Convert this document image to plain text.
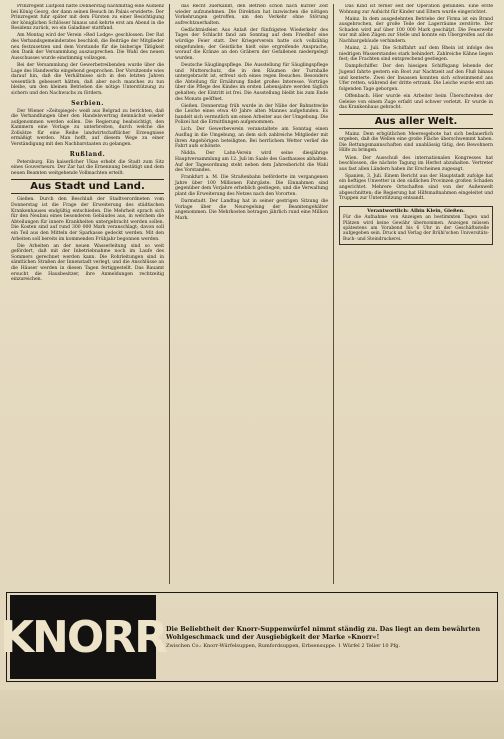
Prinzregent Luitpold hatte Donnerstag nachmittag eine Audienz bei König Georg, der dann seinen Besuch im Palais erwiderte. Der Prinzregent fuhr später mit dem Fürsten zu einer Besichtigung der königlichen Schlösser hinaus und kehrte erst am Abend in die Residenz zurück, wo ein Galadiner stattfand.

Am Montag wird der Verein »Red Lodge« geschlossen. Der Rat des Verbandsgemeinderates beschloß, die Beiträge der Mitglieder neu festzusetzen und dem Vorstande für die bisherige Tätigkeit den Dank der Versammlung auszusprechen. Die Wahl des neuen Ausschusses wurde einstimmig vollzogen.

Bei der Versammlung der Gewerbetreibenden wurde über die Lage des Handwerks eingehend gesprochen. Der Vorsitzende wies darauf hin, daß die Verhältnisse sich in den letzten Jahren wesentlich gebessert hätten, daß aber noch manches zu tun bleibe, um den kleinen Betrieben die nötige Unterstützung zu sichern und den Nachwuchs zu fördern.

Serbien.

Der Wiener »Zeitspiegel« weiß aus Belgrad zu berichten, daß die Verhandlungen über den Handelsvertrag demnächst wieder aufgenommen werden sollen. Die Regierung beabsichtigt, den Kammern eine Vorlage zu unterbreiten, durch welche die Zollsätze für eine Reihe landwirtschaftlicher Erzeugnisse ermäßigt werden. Man hofft, auf diesem Wege zu einer Verständigung mit den Nachbarstaaten zu gelangen.

Rußland.

Petersburg. Ein kaiserlicher Ukas erhebt die Stadt zum Sitz eines Gouverneurs. Der Zar hat die Ernennung bestätigt und dem neuen Beamten weitgehende Vollmachten erteilt.

Aus Stadt und Land.

Gießen. Durch den Beschluß der Stadtverordneten vom Donnerstag ist die Frage der Erweiterung des städtischen Krankenhauses endgültig entschieden. Die Mehrheit sprach sich für den Neubau eines besonderen Gebäudes aus, in welchem die Abteilungen für innere Krankheiten untergebracht werden sollen. Die Kosten sind auf rund 300 000 Mark veranschlagt; davon soll ein Teil aus den Mitteln der Sparkasse gedeckt werden. Mit den Arbeiten soll bereits im kommenden Frühjahr begonnen werden.

Die Arbeiten an der neuen Wasserleitung sind so weit gefördert, daß mit der Inbetriebnahme noch im Laufe des Sommers gerechnet werden kann. Die Rohrleitungen sind in sämtlichen Straßen der Innenstadt verlegt, und die Anschlüsse an die Häuser werden in diesen Tagen fertiggestellt. Das Bauamt ersucht die Hausbesitzer, ihre Anmeldungen rechtzeitig einzureichen.

das Recht zuerkannt, den Betrieb schon nach kurzer Zeit wieder aufzunehmen. Die Direktion hat inzwischen die nötigen Vorkehrungen getroffen, um den Verkehr ohne Störung aufrechtzuerhalten.

Gedächtnisfeier. Aus Anlaß der fünfzigsten Wiederkehr des Tages der Schlacht fand am Sonntag auf dem Friedhof eine würdige Feier statt. Der Kriegerverein hatte sich vollzählig eingefunden; der Geistliche hielt eine ergreifende Ansprache, worauf die Kränze an den Gräbern der Gefallenen niedergelegt wurden.

Deutsche Säuglingspflege. Die Ausstellung für Säuglingspflege und Mutterschutz, die in den Räumen der Turnhalle untergebracht ist, erfreut sich eines regen Besuches. Besonders die Abteilung für Ernährung findet großes Interesse. Vorträge über die Pflege des Kindes im ersten Lebensjahre werden täglich gehalten; der Eintritt ist frei. Die Ausstellung bleibt bis zum Ende des Monats geöffnet.

Gießen. Donnerstag früh wurde in der Nähe der Bahnstrecke die Leiche eines etwa 40 Jahre alten Mannes aufgefunden. Es handelt sich vermutlich um einen Arbeiter aus der Umgebung. Die Polizei hat die Ermittlungen aufgenommen.

Lich. Der Gewerbeverein veranstaltete am Sonntag einen Ausflug in die Umgebung, an dem sich zahlreiche Mitglieder mit ihren Angehörigen beteiligten. Bei herrlichem Wetter verlief die Fahrt aufs schönste.

Nidda. Der Lahn-Verein wird seine diesjährige Hauptversammlung am 12. Juli im Saale des Gasthauses abhalten. Auf der Tagesordnung steht neben dem Jahresbericht die Wahl des Vorstandes.

Frankfurt a. M. Die Straßenbahn beförderte im vergangenen Jahre über 100 Millionen Fahrgäste. Die Einnahmen sind gegenüber dem Vorjahre erheblich gestiegen, und die Verwaltung plant die Erweiterung des Netzes nach den Vororten.

Darmstadt. Der Landtag hat in seiner gestrigen Sitzung die Vorlage über die Neuregelung der Beamtengehälter angenommen. Die Mehrkosten betragen jährlich rund eine Million Mark.

Das Kind ist ferner seit der Operation gefunden. Eine erste Wohnung zur Aufsicht für Kinder und Eltern wurde eingerichtet.

Mainz. In dem ausgedehnten Betriebe der Firma ist ein Brand ausgebrochen, der große Teile der Lagerräume zerstörte. Der Schaden wird auf über 100 000 Mark geschätzt. Die Feuerwehr war mit allen Zügen zur Stelle und konnte ein Übergreifen auf die Nachbargebäude verhindern.

Mainz, 2. Juli. Die Schiffahrt auf dem Rhein ist infolge des niedrigen Wasserstandes stark behindert. Zahlreiche Kähne liegen fest; die Frachten sind entsprechend gestiegen.

Dampfschiffer. Der den hiesigen Schiffsgang lebende der Jugend fahrte gestern ein Boot zur Nachtzeit auf den Fluß hinaus und kenterte. Zwei der Insassen konnten sich schwimmend ans Ufer retten, während der dritte ertrank. Die Leiche wurde erst am folgenden Tage geborgen.

Offenbach. Hier wurde ein Arbeiter beim Überschreiten der Geleise von einem Zuge erfaßt und schwer verletzt. Er wurde in das Krankenhaus gebracht.

Aus aller Welt.

Mainz. Dem erbgütlichen Meeresgebote hat sich bedauerlich ergeben, daß die Wellen eine große Fläche überschwemmt haben. Die Rettungsmannschaften sind unablässig tätig, den Bewohnern Hilfe zu bringen.

Wien. Der Ausschuß des internationalen Kongresses hat beschlossen, die nächste Tagung im Herbst abzuhalten. Vertreter aus fast allen Ländern haben ihr Erscheinen zugesagt.

Spanien, 3. Juli. Einem Bericht aus der Hauptstadt zufolge hat ein heftiges Unwetter in den südlichen Provinzen großen Schaden angerichtet. Mehrere Ortschaften sind von der Außenwelt abgeschnitten; die Regierung hat Hilfsmaßnahmen eingeleitet und Truppen zur Unterstützung entsandt.

Verantwortlich: Albin Klein, Gießen.
Für die Aufnahme von Anzeigen an bestimmten Tagen und Plätzen wird keine Gewähr übernommen. Anzeigen müssen spätestens am Vorabend bis 6 Uhr in der Geschäftsstelle aufgegeben sein. Druck und Verlag der Brühl'schen Universitäts-Buch- und Steindruckerei.
KNORR Die Beliebtheit der Knorr-Suppenwürfel nimmt ständig zu. Das liegt an dem bewährten Wohlgeschmack und der Ausgiebigkeit der Marke »Knorr«!
Zwischen Co.: Knorr-Würfelsuppen, Rumfordsuppen, Erbsensuppe. 1 Würfel 2 Teller 10 Pfg.
